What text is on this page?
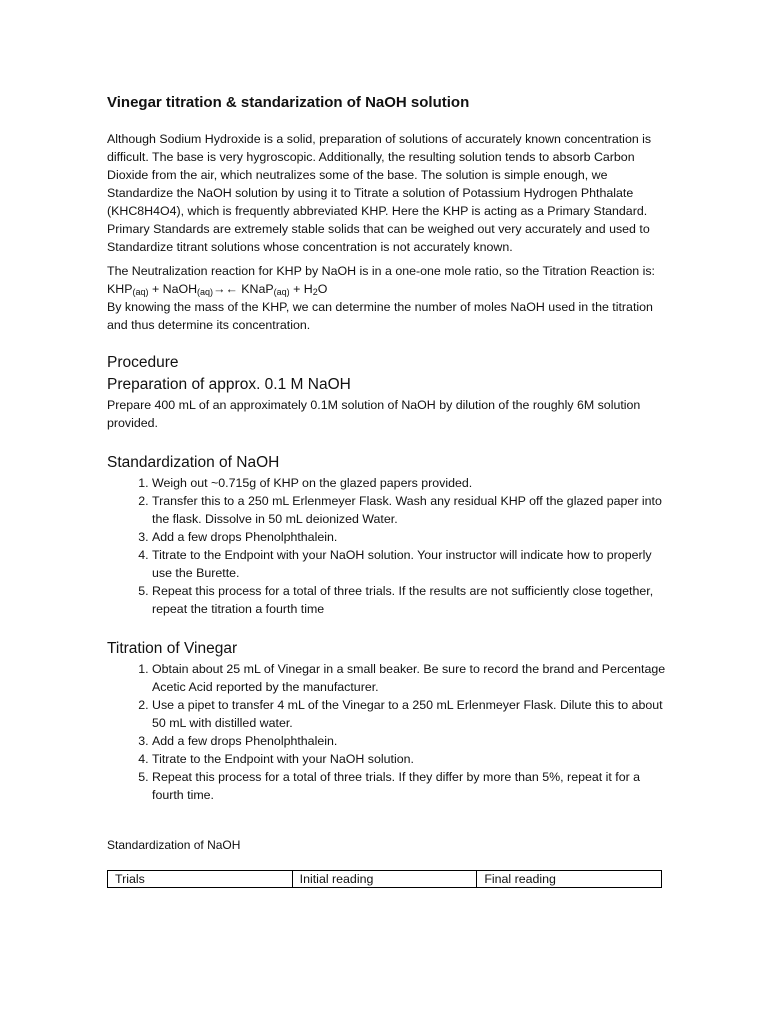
Vinegar titration & standarization of NaOH solution

Although Sodium Hydroxide is a solid, preparation of solutions of accurately known concentration is difficult. The base is very hygroscopic. Additionally, the resulting solution tends to absorb Carbon Dioxide from the air, which neutralizes some of the base. The solution is simple enough, we Standardize the NaOH solution by using it to Titrate a solution of Potassium Hydrogen Phthalate (KHC8H4O4), which is frequently abbreviated KHP. Here the KHP is acting as a Primary Standard. Primary Standards are extremely stable solids that can be weighed out very accurately and used to Standardize titrant solutions whose concentration is not accurately known.

The Neutralization reaction for KHP by NaOH is in a one-one mole ratio, so the Titration Reaction is:

$KHP_{(aq)}$ + NaOH$_{(aq)}$→← KNaP$_{(aq)}$ + $H_2O$

By knowing the mass of the KHP, we can determine the number of moles NaOH used in the titration and thus determine its concentration.

Procedure
Preparation of approx. 0.1 M NaOH

Prepare 400 mL of an approximately 0.1M solution of NaOH by dilution of the roughly 6M solution provided.

Standardization of NaOH
1. Weigh out ~0.715g of KHP on the glazed papers provided.
2. Transfer this to a 250 mL Erlenmeyer Flask. Wash any residual KHP off the glazed paper into the flask. Dissolve in 50 mL deionized Water.
3. Add a few drops Phenolphthalein.
4. Titrate to the Endpoint with your NaOH solution. Your instructor will indicate how to properly use the Burette.
5. Repeat this process for a total of three trials. If the results are not sufficiently close together, repeat the titration a fourth time
Titration of Vinegar
1. Obtain about 25 mL of Vinegar in a small beaker. Be sure to record the brand and Percentage Acetic Acid reported by the manufacturer.
2. Use a pipet to transfer 4 mL of the Vinegar to a 250 mL Erlenmeyer Flask. Dilute this to about 50 mL with distilled water.
3. Add a few drops Phenolphthalein.
4. Titrate to the Endpoint with your NaOH solution.
5. Repeat this process for a total of three trials. If they differ by more than 5%, repeat it for a fourth time.

Standardization of NaOH

Trials	Initial reading	Final reading
